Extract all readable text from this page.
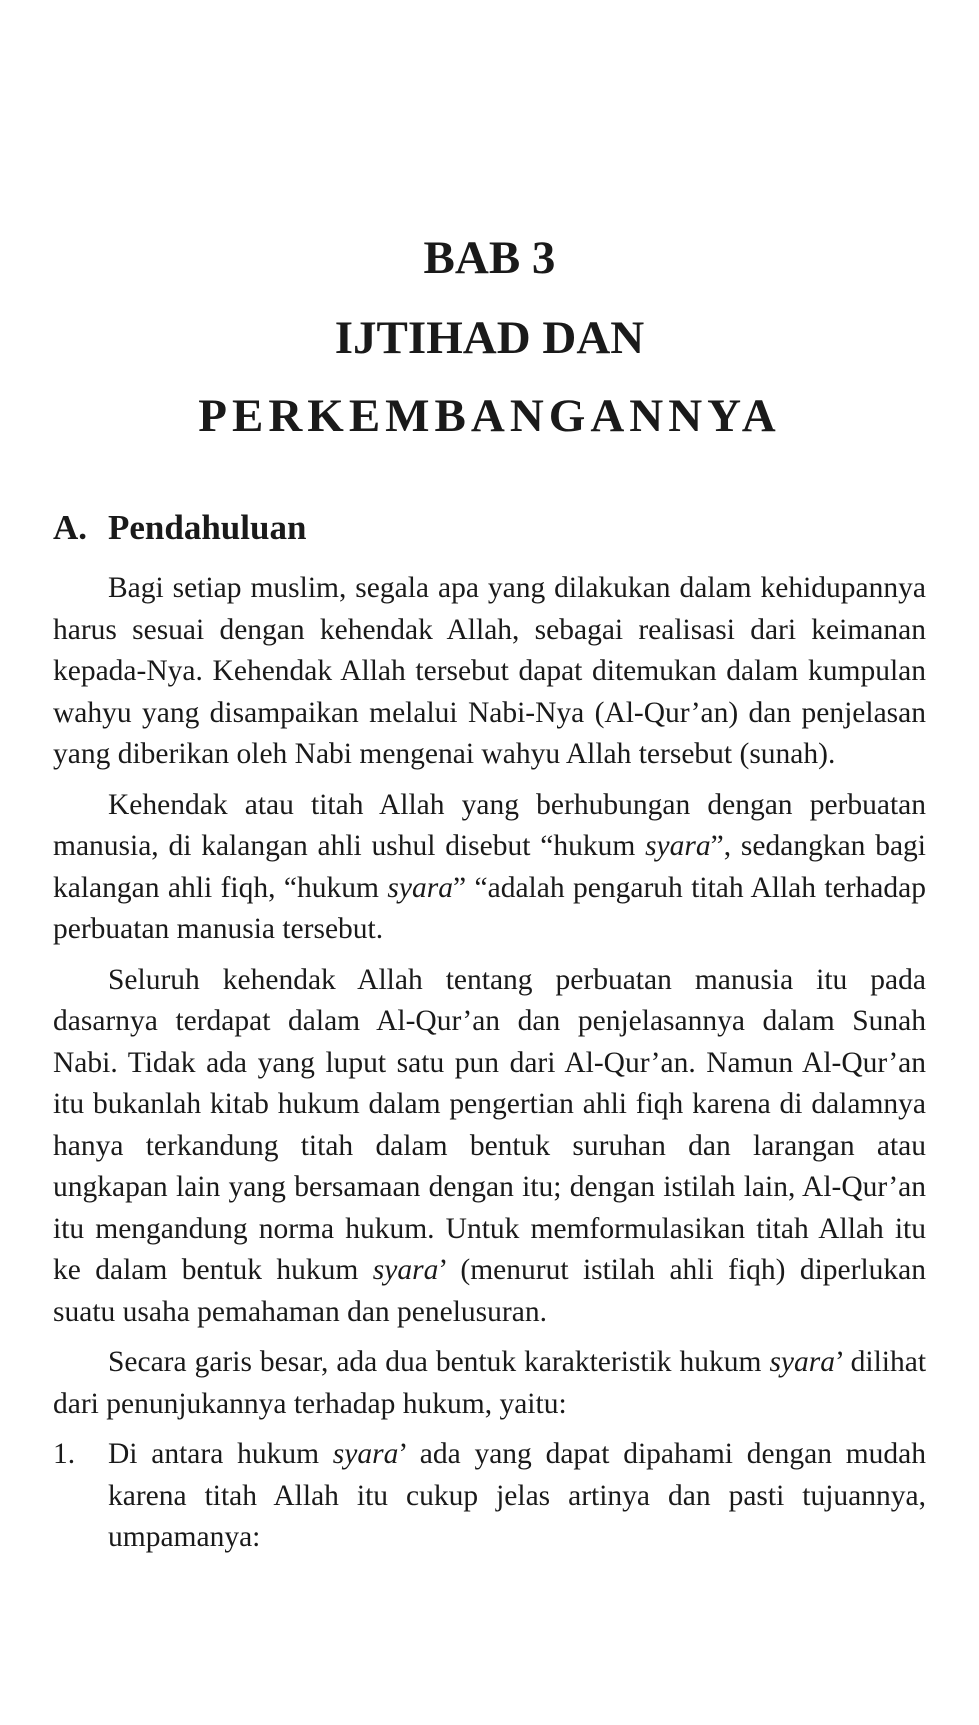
BAB 3
IJTIHAD DAN
PERKEMBANGANNYA
A. Pendahuluan

Bagi setiap muslim, segala apa yang dilakukan dalam kehidupannya harus sesuai dengan kehendak Allah, sebagai realisasi dari keimanan kepada-Nya. Kehendak Allah tersebut dapat ditemukan dalam kumpulan wahyu yang disampaikan melalui Nabi-Nya (Al-Qur’an) dan penjelasan yang diberikan oleh Nabi mengenai wahyu Allah tersebut (sunah).

Kehendak atau titah Allah yang berhubungan dengan perbuatan manusia, di kalangan ahli ushul disebut “hukum syara”, sedangkan bagi kalangan ahli fiqh, “hukum syara” “adalah pengaruh titah Allah terhadap perbuatan manusia tersebut.

Seluruh kehendak Allah tentang perbuatan manusia itu pada dasarnya terdapat dalam Al-Qur’an dan penjelasannya dalam Sunah Nabi. Tidak ada yang luput satu pun dari Al-Qur’an. Namun Al-Qur’an itu bukanlah kitab hukum dalam pengertian ahli fiqh karena di dalamnya hanya terkandung titah dalam bentuk suruhan dan larangan atau ungkapan lain yang bersamaan dengan itu; dengan istilah lain, Al-Qur’an itu mengandung norma hukum. Untuk memformulasikan titah Allah itu ke dalam bentuk hukum syara’ (menurut istilah ahli fiqh) diperlukan suatu usaha pemahaman dan penelusuran.

Secara garis besar, ada dua bentuk karakteristik hukum syara’ dilihat dari penunjukannya terhadap hukum, yaitu:

1.	Di antara hukum syara’ ada yang dapat dipahami dengan mudah karena titah Allah itu cukup jelas artinya dan pasti tujuannya, umpamanya:
